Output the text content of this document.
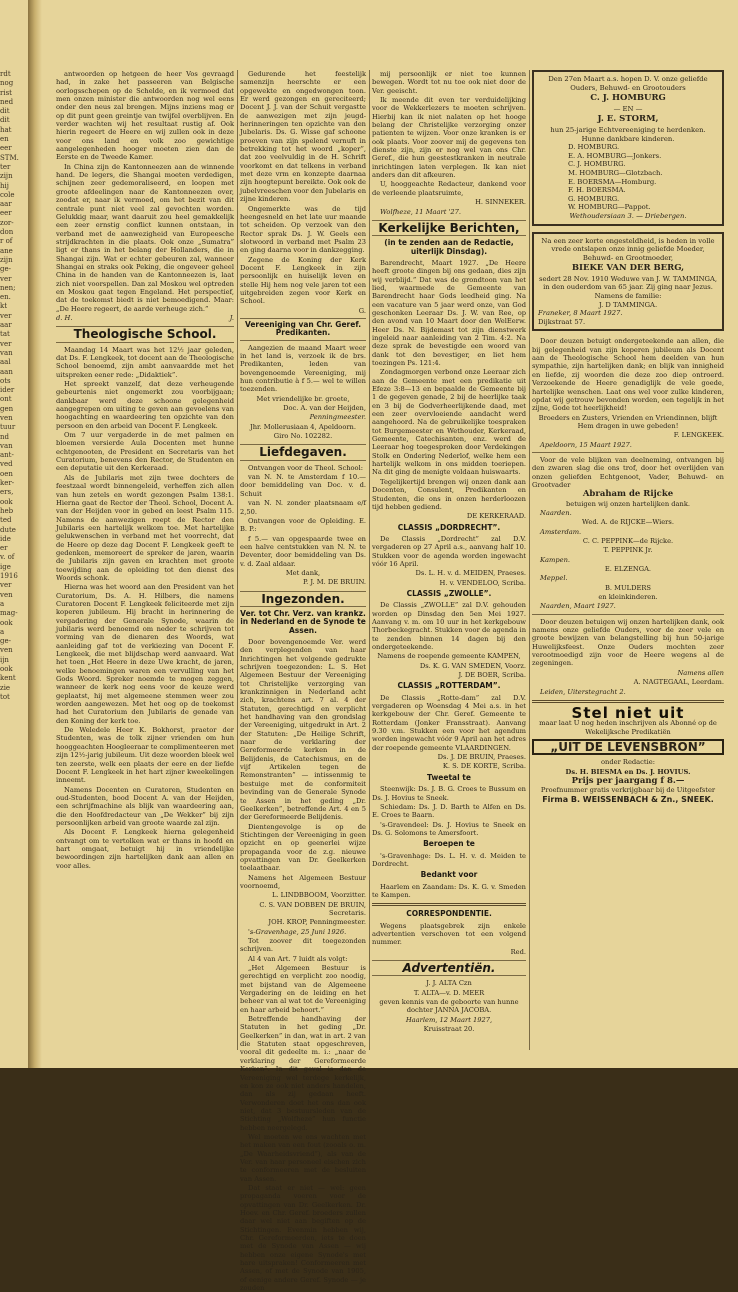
rdt
nog
rist
ned
dit
dit
hat
en
eer
STM.
ter
zijn
hij
cole
aar
eer
zor-
don
r of
ane
zijn
ge-
ver
nen;
en.
kt
ver
aar
tat
ver
van
aal
aan
ots
ider
ont
gen
ven
tuur
nd
van
ant-
ved
oen
ker-
ers,
ook
heb
ted
dute
ide
er
v. of
ige
1916
ver
ven
a
mag-
ook
a
ge-
ven
ijn
ook
kent
zie
tot

antwoorden op hetgeen de heer Vos gevraagd had, in zake het passeeren van Belgische oorlogsschepen op de Schelde, en ik vermoed dat men onzen minister die antwoorden nog wel eens onder den neus zal brengen. Mijns inziens mag er op dit punt geen greintje van twijfel overblijven. En verder wachten wij het resultaat rustig af. Ook hierin regeert de Heere en wij zullen ook in deze voor ons land en volk zoo gewichtige aangelegenheden hooger moeten zien dan de Eerste en de Tweede Kamer.

In China zijn de Kantonneezen aan de winnende hand. De legers, die Shangai moeten verdedigen, schijnen zeer gedemoraliseerd, en loopen met groote afdeelingen naar de Kantonneezen over, zoodat er, naar ik vermoed, om het bezit van dit centrale punt niet veel zal gevochten worden. Gelukkig maar, want daaruit zou heel gemakkelijk een zeer ernstig conflict kunnen ontstaan, in verband met de aanwezigheid van Europeesche strijdkrachten in die plaats. Ook onze „Sumatra” ligt er thans in het belang der Hollanders, die in Shangai zijn. Wat er echter gebeuren zal, wanneer Shangai en straks ook Peking, die ongeveer geheel China in de handen van de Kantonneezen is, laat zich niet voorspellen. Dan zal Moskou wel optreden en Moskou gaat tegen Engeland. Het perspectief, dat de toekomst biedt is niet bemoedigend. Maar: „De Heere regeert, de aarde verheuge zich.”

d. H.	J.
Theologische School.

Maandag 14 Maart was het 12½ jaar geleden, dat Ds. F. Lengkeek, tot docent aan de Theologische School benoemd, zijn ambt aanvaardde met het uitspreken eener rede: „Didaktiek”.

Het spreekt vanzelf, dat deze verheugende gebeurtenis niet ongemerkt zou voorbijgaan; dankbaar werd deze schoone gelegenheid aangegrepen om uiting te geven aan gevoelens van hoogachting en waardeering ten opzichte van den persoon en den arbeid van Docent F. Lengkeek.

Om 7 uur vergaderde in de met palmen en bloemen versierde Aula Docenten met hunne echtgenooten, de President en Secretaris van het Curatorium, benevens den Rector, de Studenten en een deputatie uit den Kerkeraad.

Als de Jubilaris met zijn twee dochters de feestzaal wordt binnengeleid, verheffen zich allen van hun zetels en wordt gezongen Psalm 138:1. Hierna gaat de Rector der Theol. School, Docent A. van der Heijden voor in gebed en leest Psalm 115. Namens de aanwezigen roept de Rector den Jubilaris een hartelijk welkom toe. Met hartelijke gelukwenschen in verband met het voorrecht, dat de Heere op deze dag Docent F. Lengkeek geeft te gedenken, memoreert de spreker de jaren, waarin de Jubilaris zijn gaven en krachten met groote toewijding aan de opleiding tot den dienst des Woords schonk.

Hierna was het woord aan den President van het Curatorium, Ds. A. H. Hilbers, die namens Curatoren Docent F. Lengkeek feliciteerde met zijn koperen jubileum. Hij bracht in herinnering de vergadering der Generale Synode, waarin de jubilaris werd benoemd om neder te schrijven tot vorming van de dienaren des Woords, wat aanleiding gaf tot de verkiezing van Docent F. Lengkeek, die met blijdschap werd aanvaard. Wat het toen „Het Heere in deze Uwe kracht, de jaren, welke benoemingen waren een vervulling van het Gods Woord. Spreker noemde te mogen zeggen, wanneer de kerk nog eens voor de keuze werd geplaatst, hij met algemeene stemmen weer zou worden aangewezen. Met het oog op de toekomst had het Curatorium den Jubilaris de genade van den Koning der kerk toe.

De Weledele Heer K. Bokhorst, praetor der Studenten, was de tolk zijner vrienden om hun hooggeachten Hoogleeraar te complimenteeren met zijn 12½-jarig jubileum. Uit deze woorden bleek wel ten zeerste, welk een plaats der eere en der liefde Docent F. Lengkeek in het hart zijner kweekelingen inneemt.

Namens Docenten en Curatoren, Studenten en oud-Studenten, bood Docent A. van der Heijden, een schrijfmachine als blijk van waardeering aan, die den Hoofdredacteur van „De Wekker” bij zijn persoonlijken arbeid van groote waarde zal zijn.

Als Docent F. Lengkeek hierna gelegenheid ontvangt om te vertolken wat er thans in hoofd en hart omgaat, betuigt hij in vriendelijke bewoordingen zijn hartelijken dank aan allen en voor alles.

Gedurende het feestelijk samenzijn heerschte er een opgewekte en ongedwongen toon. Er werd gezongen en gereciteerd; Docent J. J. van der Schuit vergastte de aanwezigen met zijn jeugd-herinneringen ten opzichte van den Jubelaris. Ds. G. Wisse gaf schoone proeven van zijn spelend vernuft in betrekking tot het woord „koper”, dat zoo veelvuldig in de H. Schrift voorkomt en dat telkens in verband met deze vrm en konzepte daarnaa zijn hoogtepunt bereikte. Ook ook de jubelvreeschen voor den Jubelaris en zijne kinderen.

Ongemerkte was de tijd heengesneld en het late uur maande tot scheiden. Op verzoek van den Rector sprak Ds. J. W. Geels een slotwoord in verband met Psalm 23 en ging daarna voor in dankzegging.

Zegene de Koning der Kerk Docent F. Lengkeek in zijn persoonlijk en huiselijk leven en stelle Hij hem nog vele jaren tot een uitgebreiden zegen voor Kerk en School.

G.

Vereeniging van Chr. Geref. Predikanten.

Aangezien de maand Maart weer in het land is, verzoek ik de brs. Predikanten, leden van bovengenoemde Vereeniging, mij hun contributie à f 5.— wel te willen toezenden.

Met vriendelijke br. groete,

Doc. A. van der Heijden,

Penningmeester.

Jhr. Mollerusiaan 4, Apeldoorn.

Giro No. 102282.

Liefdegaven.

Ontvangen voor de Theol. School:

van N. N. te Amsterdam f 10.— door bemiddeling van Doc. v. d. Schuit

van N. N. zonder plaatsnaam e/f 2,50.

Ontvangen voor de Opleiding. E. B. P.:

f 5.— van opgespaarde twee en een halve centstukken van N. N. te Deventer, door bemiddeling van Ds. v. d. Zaal aldaar.

Met dank,

P. J. M. DE BRUIN.

Ingezonden.
Ver. tot Chr. Verz. van krankz. in Nederland en de Synode te Assen.

Door bovengenoemde Ver. werd den verplegenden van haar Inrichtingen het volgende gedrukte schrijven toegezonden: L. S. Het Algemeen Bestuur der Vereeniging tot Christelijke verzorging van krankzinnigen in Nederland acht zich, krachtens art. 7 al. 4 der Statuten, gerechtigd en verplicht het handhaving van den grondslag der Vereeniging, uitgedrukt in Art. 2 der Statuten: „De Heilige Schrift, naar de verklaring der Gereformeerde kerken in de Belijdenis, de Catechismus, en de vijf Artikelen tegen de Remonstranten” — intissenmig te bestuige met de conformiteit bevinding van de Generale Synode te Assen in het geding „Dr. Geelkerken”, betreffende Art. 4 en 5 der Gereformeerde Belijdenis.

Dientengevolge is op de Stichtingen der Vereeniging in geen opzicht en op geenerlei wijze propaganda voor de z.g. nieuwe opvattingen van Dr. Geelkerken toelaatbaar.

Namens het Algemeen Bestuur voornoemd,

L. LINDBBOOM, Voorzitter.

C. S. VAN DOBBEN DE BRUIN, Secretaris.

JOH. KROP, Penningmeester.

's-Gravenhage, 25 Juni 1926.

Tot zoover dit toegezonden schrijven.

Al 4 van Art. 7 luidt als volgt:

„Het Algemeen Bestuur is gerechtigd en verplicht zoo noodig, met bijstand van de Algemeene Vergadering en de leiding en het beheer van al wat tot de Vereeniging en haar arbeid behoort.”

Betreffende handhaving der Statuten in het geding „Dr. Geelkerken” in dan, wat in art. 2 van die Statuten staat opgeschreven, vooral dit gedeelte m. i.: „naar de verklaring der Gereformeerde Kerken”. In dit geval is dan de Vereeniging wel terdege kerkelijk, en kon ze ook niet anders handelen, dan als zij gedaan heeft. Verwonderen doet het ons dan ook niet, dat 3 bestuursleden van de Stichting „Wolfheze” hun functie hebben neergelegd.

Wel moeten we ons wachten met het maken van een fout (zooals o. m. „De Waarheidsvriend”), als van de Ver. van haar personeel eischen zich te conformeeren met de besluiten van Assen.

Dat staat er niet — wel: geen propaganda voeren voor de opvattingen van Dr. Geelkerken. Dr. Hoev. en Chr. Geref. broeders zullen daar wel niet aan begiften op de Stichtingen. Evenmin hebben wij, Chr. Gereformeerden, iets te doen met de Synode van Assen — wij hebben onze eigene Synode's met hare uitspraken! Conformeeren met Assen, of met de Synode van 1905, of eenige andere Geref. Synode — je zouden

mij persoonlijk er niet toe kunnen bewegen. Wordt tot nu toe ook niet door de Ver. geeischt.

Ik meende dit even ter verduidelijking voor de Wekkerlezers te moeten schrijven. Hierbij kan ik niet nalaten op het hooge belang der Christelijke verzorging onzer patienten te wijzen. Voor onze kranken is er ook plaats. Voor zoover mij de gegevens ten dienste zijn, zijn er nog wel van ons Chr. Geref., die hun geestestkranken in neutrale inrichtingen laten verplegen. Ik kan niet anders dan dit afkeuren.

U, hooggeachte Redacteur, dankend voor de verleende plaatsruimte,

H. SINNEKER.

Wolfheze, 11 Maart '27.

Kerkelijke Berichten,
(in te zenden aan de Redactie, uiterlijk Dinsdag).

Barendrecht, Maart 1927. „De Heere heeft groote dingen bij ons gedaan, dies zijn wij verblijd.” Dat was de grondtoon van het lied, waarmede de Gemeente van Barendrecht haar Gods leedheid ging. Na een vacature van 5 jaar werd onze, van God geschonken Leeraar Ds. J. W. van Ree, op den avond van 10 Maart door den WelEerw. Heer Ds. N. Bijdemast tot zijn dienstwerk ingeleid naar aanleiding van 2 Tim. 4:2. Na deze sprak de bevestigde een woord van dank tot den bevestiger, en liet hem toezingen Ps. 121:4.

Zondagmorgen verbond onze Leeraar zich aan de Gemeente met een predikatie uit Efeze 3:8—13 en bepaalde de Gemeente bij 1 de gegeven genade, 2 bij de heerlijke taak en 3 bij de Godverheerlijkende daad, met een zeer overvloeiende aandacht werd aangehoord. Na de gebruikelijke toespraken tot Burgemeester en Wethouder, Kerkeraad, Gemeente, Catechisanten, enz. werd de Leeraar hog toegesproken door Verdekingen Stolk en Ondering Nederlof, welke hem een hartelijk welkom in ons midden toeriepen. Na dit ging de menigte voldaan huiswaarts.

Tegelijkertijd brengen wij onzen dank aan Docenten, Consulent, Predikanten en Studenten, die ons in onzen herderloozen tijd hebben gediend.

DE KERKERAAD.

CLASSIS „DORDRECHT”.

De Classis „Dordrecht” zal D.V. vergaderen op 27 April a.s., aanvang half 10. Stukken voor de agenda worden ingewacht vóór 16 April.

Ds. L. H. v. d. MEIDEN, Praeses.

H. v. VENDELOO, Scriba.

CLASSIS „ZWOLLE”.

De Classis „ZWOLLE” zal D.V. gehouden worden op Dinsdag den 5en Mei 1927. Aanvang v. m. om 10 uur in het kerkgebouw Thorbeckegracht. Stukken voor de agenda in te zenden binnen 14 dagen bij den ondergeteekende.

Namens de roepende gemeente KAMPEN,

Ds. K. G. VAN SMEDEN, Voorz.

J. DE BOER, Scriba.

CLASSIS „ROTTERDAM”.

De Classis „Rotte-dam” zal D.V. vergaderen op Woensdag 4 Mei a.s. in het kerkgebouw der Chr. Geref. Gemeente te Rotterdam (Jonker Fransstraat). Aanvang 9.30 v.m. Stukken een voor het agendum worden ingewacht vóór 9 April aan het adres der roepende gemeente VLAARDINGEN.

Ds. J. DE BRUIN, Praeses.

K. S. DE KORTE, Scriba.

Tweetal te

Steenwijk: Ds. J. B. G. Croes te Bussum en Ds. J. Hovius te Sneek.

Schiedam: Ds. J. D. Barth te Alfen en Ds. E. Croes te Baarn.

's-Gravendeel: Ds. J. Hovius te Sneek en Ds. G. Solomons te Amersfoort.

Beroepen te

's-Gravenhage: Ds. L. H. v. d. Meiden te Dordrecht.

Bedankt voor

Haarlem en Zaandam: Ds. K. G. v. Smeden te Kampen.

CORRESPONDENTIE.

Wegens plaatsgebrek zijn enkele advertentien verschoven tot een volgend nummer.

Red.

Advertentiën.

J. J. ALTA Czn

T. ALTA—v. D. MEER

geven kennis van de geboorte van hunne dochter JANNA JACOBA.

Haarlem, 12 Maart 1927,

Kruisstraat 20.

Den 27en Maart a.s. hopen D. V. onze geliefde Ouders, Behuwd- en Grootouders

C. J. HOMBURG

— EN —

J. E. STORM,

hun 25-jarige Echtvereeniging te herdenken.

Hunne dankbare kinderen.

D. HOMBURG.

E. A. HOMBURG—Jonkers.

C. J. HOMBURG.

M. HOMBURG—Glotzbach.

E. BOERSMA—Homburg.

F. H. BOERSMA.

G. HOMBURG.

W. HOMBURG—Pappot.

Wethoudersiaan 3. — Driebergen.

Na een zeer korte ongesteldheid, is heden in volle vrede ontslapen onze innig geliefde Moeder, Behuwd- en Grootmoeder,

BIEKE VAN DER BERG,

sedert 28 Nov. 1910 Weduwe van J. W. TAMMINGA,

in den ouderdom van 65 jaar. Zij ging naar Jezus.

Namens de familie:

J. D TAMMINGA.

Franeker, 8 Maart 1927.

Dijkstraat 57.

Door deuzen betuigt ondergeteekende aan allen, die bij gelegenheid van zijn koperen jubileum als Docent aan de Theologische School hem deelden van hun sympathie, zijn hartelijken dank; en blijk van innigheid en liefde, zij woorden die deze zoo diep ontroerd. Verzoekende de Heere genadiglijk de vele goede, hartelijke wenschen. Laat ons wel voor zulke kinderen, opdat wij getrouw bevonden worden, een tegelijk in het zijne, Gode tot heerlijkheid!

Broeders en Zusters, Vrienden en Vriendinnen, blijft Hem dragen in uwe gebeden!

F. LENGKEEK.

Apeldoorn, 15 Maart 1927.

Voor de vele blijken van deelneming, ontvangen bij den zwaren slag die ons trof, door het overlijden van onzen geliefden Echtgenoot, Vader, Behuwd- en Grootvader

Abraham de Rijcke

betuigen wij onzen hartelijken dank.

Naarden.

Wed. A. de RIJCKE—Wiers.

Amsterdam.

C. C. PEPPINK—de Rijcke.

T. PEPPINK Jr.

Kampen.

E. ELZENGA.

Meppel.

B. MULDERS

en kleinkinderen.

Naarden, Maart 1927.

Door deuzen betuigen wij onzen hartelijken dank, ook namens onze geliefde Ouders, voor de zeer vele en groote bewijzen van belangstelling bij hun 50-jarige Huwelijksfeest. Onze Ouders mochten zeer verootmoedigd zijn voor de Heere wegens al de zegeningen.

Namens allen

A. NAGTEGAAL, Leerdam.

Leiden, Uiterstegracht 2.

Stel niet uit

maar laat U nog heden inschrijven als Abonné op de Wekelijksche Predikatiën

„UIT DE LEVENSBRON”

onder Redactie:

Ds. H. BIESMA en Ds. J. HOVIUS.

Prijs per jaargang f 8.—

Proefnummer gratis verkrijgbaar bij de Uitgeefster

Firma B. WEISSENBACH & Zn., SNEEK.
